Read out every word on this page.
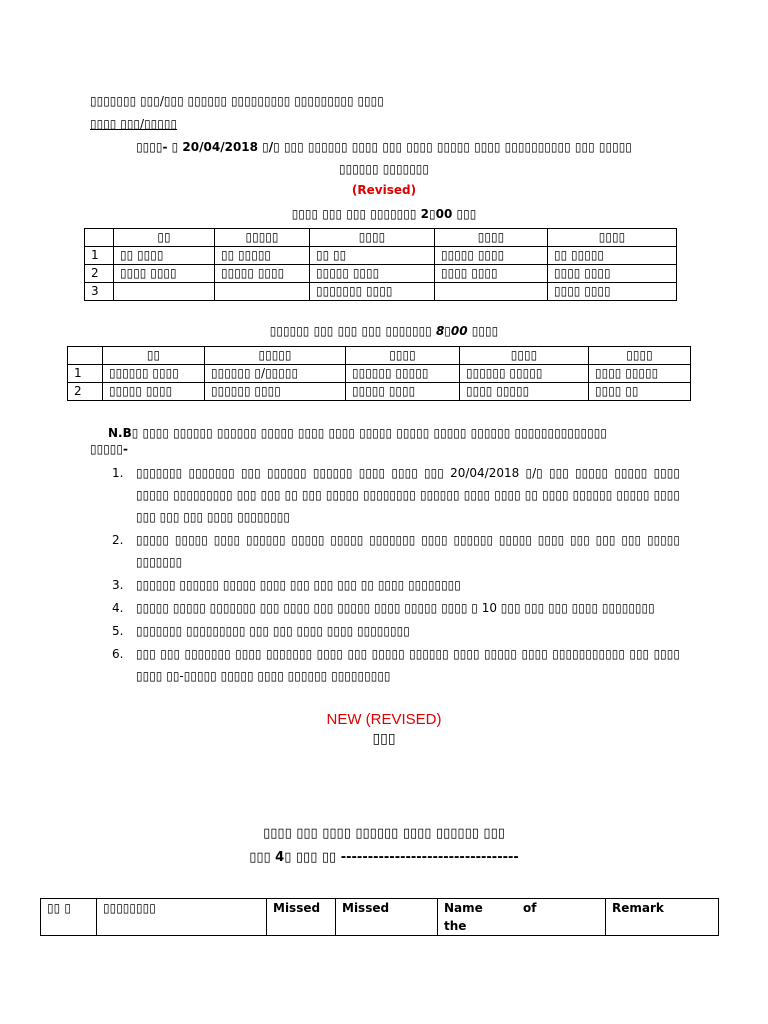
▯▯▯▯▯▯▯ ▯▯▯/▯▯▯ ▯▯▯▯▯▯ ▯▯▯▯▯▯▯▯▯ ▯▯▯▯▯▯▯▯▯ ▯▯▯▯
▯▯▯▯ ▯▯▯/▯▯▯▯▯
▯▯▯▯- ▯ 20/04/2018 ▯/▯ ▯▯▯ ▯▯▯▯▯▯ ▯▯▯▯ ▯▯▯ ▯▯▯▯ ▯▯▯▯▯ ▯▯▯▯ ▯▯▯▯▯▯▯▯▯▯ ▯▯▯ ▯▯▯▯▯
▯▯▯▯▯▯ ▯▯▯▯▯▯▯
(Revised)
▯▯▯▯ ▯▯▯ ▯▯▯ ▯▯▯▯▯▯▯ 2▯00 ▯▯▯
	▯▯	▯▯▯▯▯	▯▯▯▯	▯▯▯▯	▯▯▯▯
1	▯▯ ▯▯▯▯	▯▯ ▯▯▯▯▯	▯▯ ▯▯	▯▯▯▯▯ ▯▯▯▯	▯▯ ▯▯▯▯▯
2	▯▯▯▯ ▯▯▯▯	▯▯▯▯▯ ▯▯▯▯	▯▯▯▯▯ ▯▯▯▯	▯▯▯▯ ▯▯▯▯	▯▯▯▯ ▯▯▯▯
3			▯▯▯▯▯▯▯ ▯▯▯▯		▯▯▯▯ ▯▯▯▯
▯▯▯▯▯▯ ▯▯▯ ▯▯▯ ▯▯▯ ▯▯▯▯▯▯▯ 8▯00 ▯▯▯▯
	▯▯	▯▯▯▯▯	▯▯▯▯	▯▯▯▯	▯▯▯▯
1	▯▯▯▯▯▯ ▯▯▯▯	▯▯▯▯▯▯ ▯/▯▯▯▯▯	▯▯▯▯▯▯ ▯▯▯▯▯	▯▯▯▯▯▯ ▯▯▯▯▯	▯▯▯▯ ▯▯▯▯▯
2	▯▯▯▯▯ ▯▯▯▯	▯▯▯▯▯▯ ▯▯▯▯	▯▯▯▯▯ ▯▯▯▯	▯▯▯▯ ▯▯▯▯▯	▯▯▯▯ ▯▯
N.B▯ ▯▯▯▯ ▯▯▯▯▯▯ ▯▯▯▯▯▯ ▯▯▯▯▯ ▯▯▯▯ ▯▯▯▯ ▯▯▯▯▯ ▯▯▯▯▯ ▯▯▯▯▯ ▯▯▯▯▯▯ ▯▯▯▯▯▯▯▯▯▯▯▯▯▯
▯▯▯▯▯-
1. ▯▯▯▯▯▯▯ ▯▯▯▯▯▯▯ ▯▯▯ ▯▯▯▯▯▯ ▯▯▯▯▯▯ ▯▯▯▯ ▯▯▯▯ ▯▯▯ 20/04/2018 ▯/▯ ▯▯▯ ▯▯▯▯▯ ▯▯▯▯▯ ▯▯▯▯ ▯▯▯▯▯ ▯▯▯▯▯▯▯▯▯ ▯▯▯ ▯▯▯ ▯▯ ▯▯▯ ▯▯▯▯▯ ▯▯▯▯▯▯▯▯ ▯▯▯▯▯▯ ▯▯▯▯ ▯▯▯▯ ▯▯ ▯▯▯▯ ▯▯▯▯▯▯ ▯▯▯▯▯ ▯▯▯▯ ▯▯▯ ▯▯▯ ▯▯▯ ▯▯▯▯ ▯▯▯▯▯▯▯▯
2. ▯▯▯▯▯ ▯▯▯▯▯ ▯▯▯▯ ▯▯▯▯▯▯ ▯▯▯▯▯ ▯▯▯▯▯ ▯▯▯▯▯▯▯ ▯▯▯▯ ▯▯▯▯▯▯ ▯▯▯▯▯ ▯▯▯▯ ▯▯▯ ▯▯▯ ▯▯▯ ▯▯▯▯▯ ▯▯▯▯▯▯▯
3. ▯▯▯▯▯▯ ▯▯▯▯▯▯ ▯▯▯▯▯ ▯▯▯▯ ▯▯▯ ▯▯▯ ▯▯▯ ▯▯ ▯▯▯▯ ▯▯▯▯▯▯▯▯
4. ▯▯▯▯▯ ▯▯▯▯▯ ▯▯▯▯▯▯▯ ▯▯▯ ▯▯▯▯ ▯▯▯ ▯▯▯▯▯ ▯▯▯▯ ▯▯▯▯▯ ▯▯▯▯ ▯ 10 ▯▯▯ ▯▯▯ ▯▯▯ ▯▯▯▯ ▯▯▯▯▯▯▯▯
5. ▯▯▯▯▯▯▯ ▯▯▯▯▯▯▯▯▯ ▯▯▯ ▯▯▯ ▯▯▯▯ ▯▯▯▯ ▯▯▯▯▯▯▯▯
6. ▯▯▯ ▯▯▯ ▯▯▯▯▯▯▯ ▯▯▯▯ ▯▯▯▯▯▯▯ ▯▯▯▯ ▯▯▯ ▯▯▯▯▯ ▯▯▯▯▯▯ ▯▯▯▯ ▯▯▯▯▯ ▯▯▯▯ ▯▯▯▯▯▯▯▯▯▯▯ ▯▯▯ ▯▯▯▯ ▯▯▯▯ ▯▯-▯▯▯▯▯ ▯▯▯▯▯ ▯▯▯▯ ▯▯▯▯▯▯ ▯▯▯▯▯▯▯▯▯
NEW (REVISED)
▯▯▯
▯▯▯▯ ▯▯▯ ▯▯▯▯ ▯▯▯▯▯▯ ▯▯▯▯ ▯▯▯▯▯▯ ▯▯▯
▯▯▯ 4▯ ▯▯▯ ▯▯ ---------------------------------
▯▯ ▯	▯▯▯▯▯▯▯▯	Missed	Missed	Name of the	Remark
